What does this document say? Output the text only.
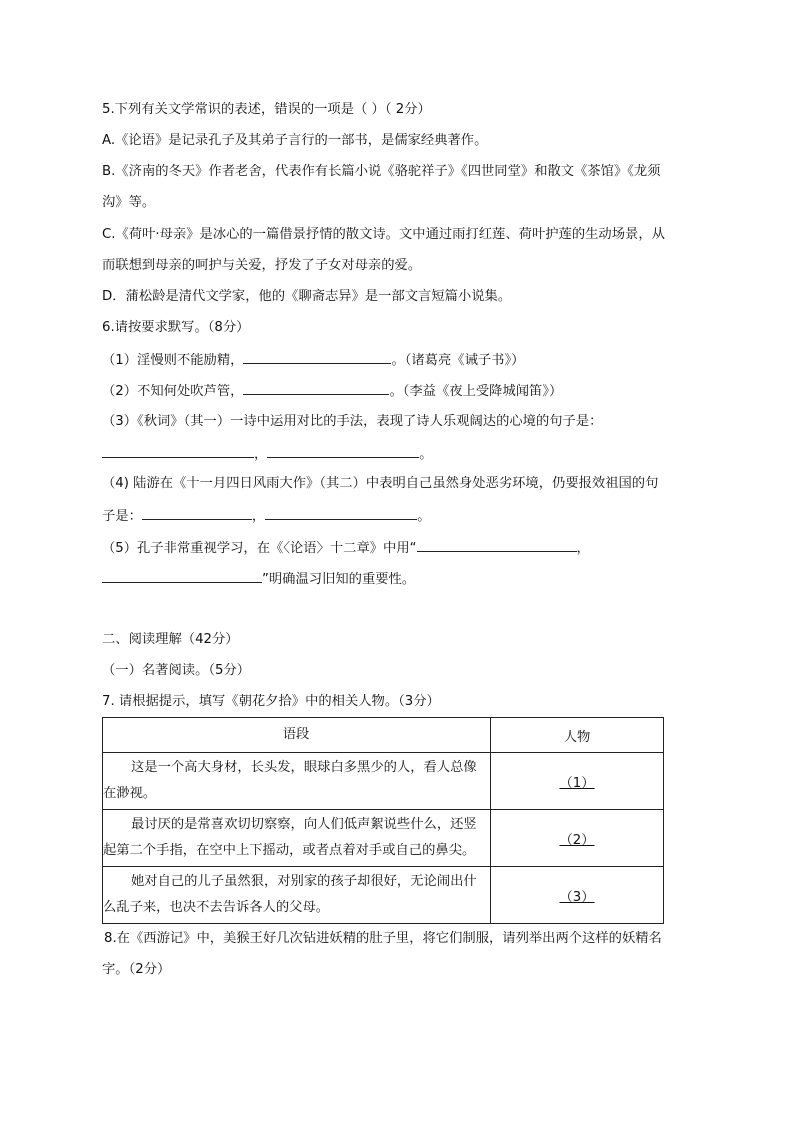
5.下列有关文学常识的表述，错误的一项是（ ）（ 2分）
A.《论语》是记录孔子及其弟子言行的一部书，是儒家经典著作。
B.《济南的冬天》作者老舍，代表作有长篇小说《骆驼祥子》《四世同堂》和散文《茶馆》《龙须
沟》等。
C.《荷叶·母亲》是冰心的一篇借景抒情的散文诗。文中通过雨打红莲、荷叶护莲的生动场景，从
而联想到母亲的呵护与关爱，抒发了子女对母亲的爱。
D．蒲松龄是清代文学家，他的《聊斋志异》是一部文言短篇小说集。
6.请按要求默写。（8分）
（1）淫慢则不能励精，	。（诸葛亮《诫子书》）
（2）不知何处吹芦管，	。（李益《夜上受降城闻笛》）
（3）《秋词》（其一）一诗中运用对比的手法，表现了诗人乐观阔达的心境的句子是：
，	。
（4) 陆游在《十一月四日风雨大作》（其二）中表明自己虽然身处恶劣环境，仍要报效祖国的句
子是：	，	。
（5）孔子非常重视学习，在《〈论语〉十二章》中用“	，
”明确温习旧知的重要性。
二、阅读理解（42分）
（一）名著阅读。（5分）
7. 请根据提示，填写《朝花夕拾》中的相关人物。（3分）
语段	人物
这是一个高大身材，长头发，眼球白多黑少的人，看人总像在渺视。	（1）
最讨厌的是常喜欢切切察察，向人们低声絮说些什么，还竖起第二个手指，在空中上下摇动，或者点着对手或自己的鼻尖。	（2）
她对自己的儿子虽然狠，对别家的孩子却很好，无论闹出什么乱子来，也决不去告诉各人的父母。	（3）
8.在《西游记》中，美猴王好几次钻进妖精的肚子里，将它们制服，请列举出两个这样的妖精名
字。（2分）
